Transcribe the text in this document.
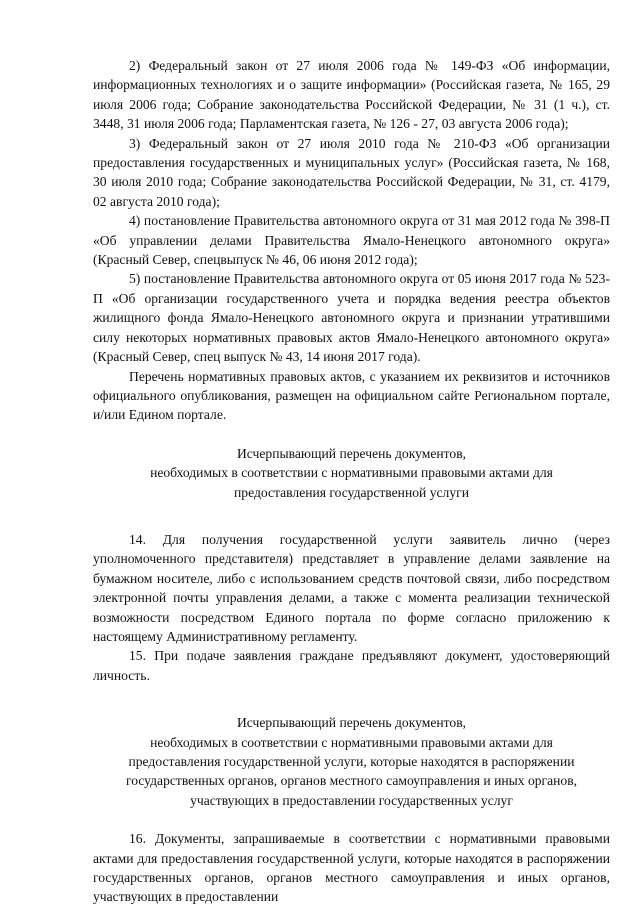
2) Федеральный закон от 27 июля 2006 года № 149-ФЗ «Об информации, информационных технологиях и о защите информации» (Российская газета, № 165, 29 июля 2006 года; Собрание законодательства Российской Федерации, № 31 (1 ч.), ст. 3448, 31 июля 2006 года; Парламентская газета, № 126 - 27, 03 августа 2006 года);

3) Федеральный закон от 27 июля 2010 года № 210-ФЗ «Об организации предоставления государственных и муниципальных услуг» (Российская газета, № 168, 30 июля 2010 года; Собрание законодательства Российской Федерации, № 31, ст. 4179, 02 августа 2010 года);

4) постановление Правительства автономного округа от 31 мая 2012 года № 398-П «Об управлении делами Правительства Ямало-Ненецкого автономного округа» (Красный Север, спецвыпуск № 46, 06 июня 2012 года);

5) постановление Правительства автономного округа от 05 июня 2017 года № 523-П «Об организации государственного учета и порядка ведения реестра объектов жилищного фонда Ямало-Ненецкого автономного округа и признании утратившими силу некоторых нормативных правовых актов Ямало-Ненецкого автономного округа» (Красный Север, спец выпуск № 43, 14 июня 2017 года).

Перечень нормативных правовых актов, с указанием их реквизитов и источников официального опубликования, размещен на официальном сайте Региональном портале, и/или Едином портале.

Исчерпывающий перечень документов,
необходимых в соответствии с нормативными правовыми актами для
предоставления государственной услуги

14. Для получения государственной услуги заявитель лично (через уполномоченного представителя) представляет в управление делами заявление на бумажном носителе, либо с использованием средств почтовой связи, либо посредством электронной почты управления делами, а также с момента реализации технической возможности посредством Единого портала по форме согласно приложению к настоящему Административному регламенту.

15. При подаче заявления граждане предъявляют документ, удостоверяющий личность.

Исчерпывающий перечень документов,
необходимых в соответствии с нормативными правовыми актами для
предоставления государственной услуги, которые находятся в распоряжении
государственных органов, органов местного самоуправления и иных органов,
участвующих в предоставлении государственных услуг

16. Документы, запрашиваемые в соответствии с нормативными правовыми актами для предоставления государственной услуги, которые находятся в распоряжении государственных органов, органов местного самоуправления и иных органов, участвующих в предоставлении
